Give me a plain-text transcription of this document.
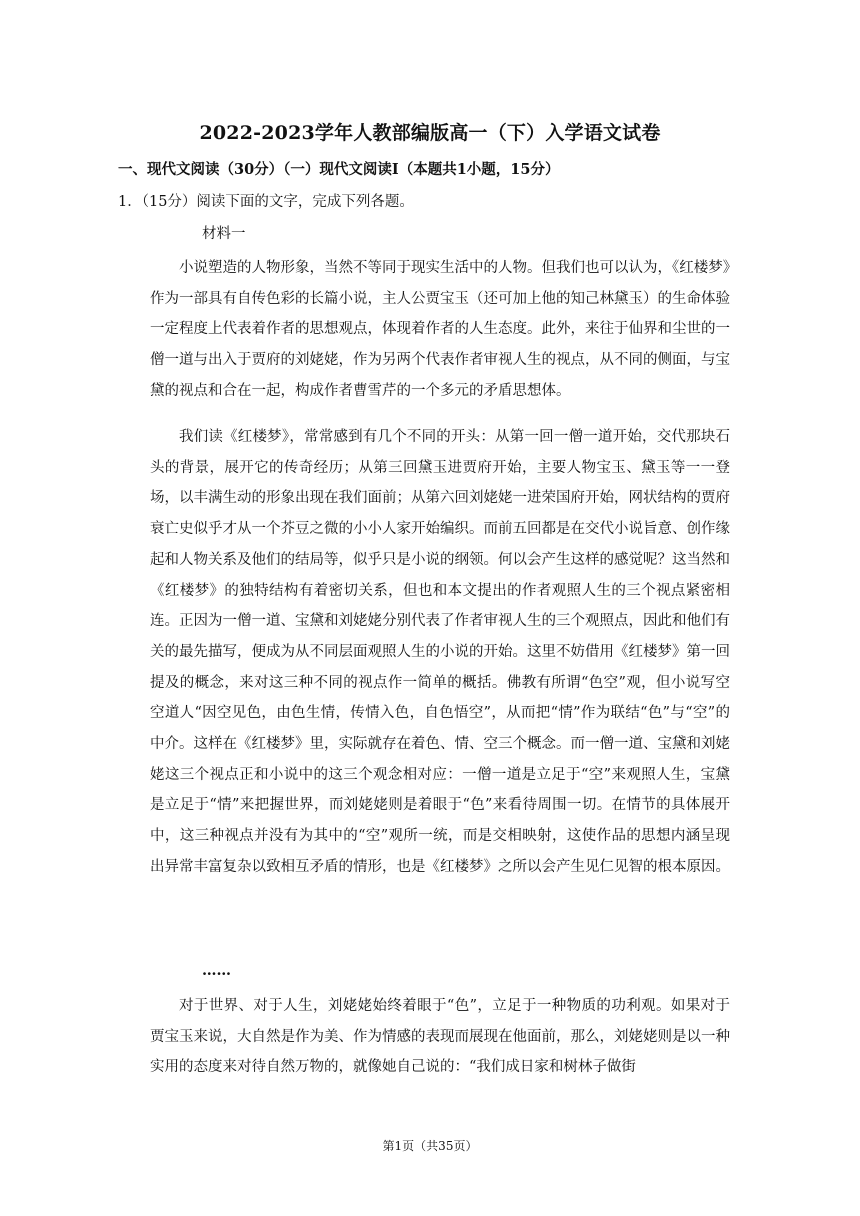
2022-2023学年人教部编版高一（下）入学语文试卷
一、现代文阅读（30分）（一）现代文阅读Ⅰ（本题共1小题，15分）
1．（15分）阅读下面的文字，完成下列各题。
材料一

小说塑造的人物形象，当然不等同于现实生活中的人物。但我们也可以认为，《红楼梦》作为一部具有自传色彩的长篇小说，主人公贾宝玉（还可加上他的知己林黛玉）的生命体验一定程度上代表着作者的思想观点，体现着作者的人生态度。此外，来往于仙界和尘世的一僧一道与出入于贾府的刘姥姥，作为另两个代表作者审视人生的视点，从不同的侧面，与宝黛的视点和合在一起，构成作者曹雪芹的一个多元的矛盾思想体。

我们读《红楼梦》，常常感到有几个不同的开头：从第一回一僧一道开始，交代那块石头的背景，展开它的传奇经历；从第三回黛玉进贾府开始，主要人物宝玉、黛玉等一一登场，以丰满生动的形象出现在我们面前；从第六回刘姥姥一进荣国府开始，网状结构的贾府衰亡史似乎才从一个芥豆之微的小小人家开始编织。而前五回都是在交代小说旨意、创作缘起和人物关系及他们的结局等，似乎只是小说的纲领。何以会产生这样的感觉呢？这当然和《红楼梦》的独特结构有着密切关系，但也和本文提出的作者观照人生的三个视点紧密相连。正因为一僧一道、宝黛和刘姥姥分别代表了作者审视人生的三个观照点，因此和他们有关的最先描写，便成为从不同层面观照人生的小说的开始。这里不妨借用《红楼梦》第一回提及的概念，来对这三种不同的视点作一简单的概括。佛教有所谓“色空”观，但小说写空空道人“因空见色，由色生情，传情入色，自色悟空”，从而把“情”作为联结“色”与“空”的中介。这样在《红楼梦》里，实际就存在着色、情、空三个概念。而一僧一道、宝黛和刘姥姥这三个视点正和小说中的这三个观念相对应：一僧一道是立足于“空”来观照人生，宝黛是立足于“情”来把握世界，而刘姥姥则是着眼于“色”来看待周围一切。在情节的具体展开中，这三种视点并没有为其中的“空”观所一统，而是交相映射，这使作品的思想内涵呈现出异常丰富复杂以致相互矛盾的情形，也是《红楼梦》之所以会产生见仁见智的根本原因。

……

对于世界、对于人生，刘姥姥始终着眼于“色”，立足于一种物质的功利观。如果对于贾宝玉来说，大自然是作为美、作为情感的表现而展现在他面前，那么，刘姥姥则是以一种实用的态度来对待自然万物的，就像她自己说的：“我们成日家和树林子做街

第1页（共35页）
